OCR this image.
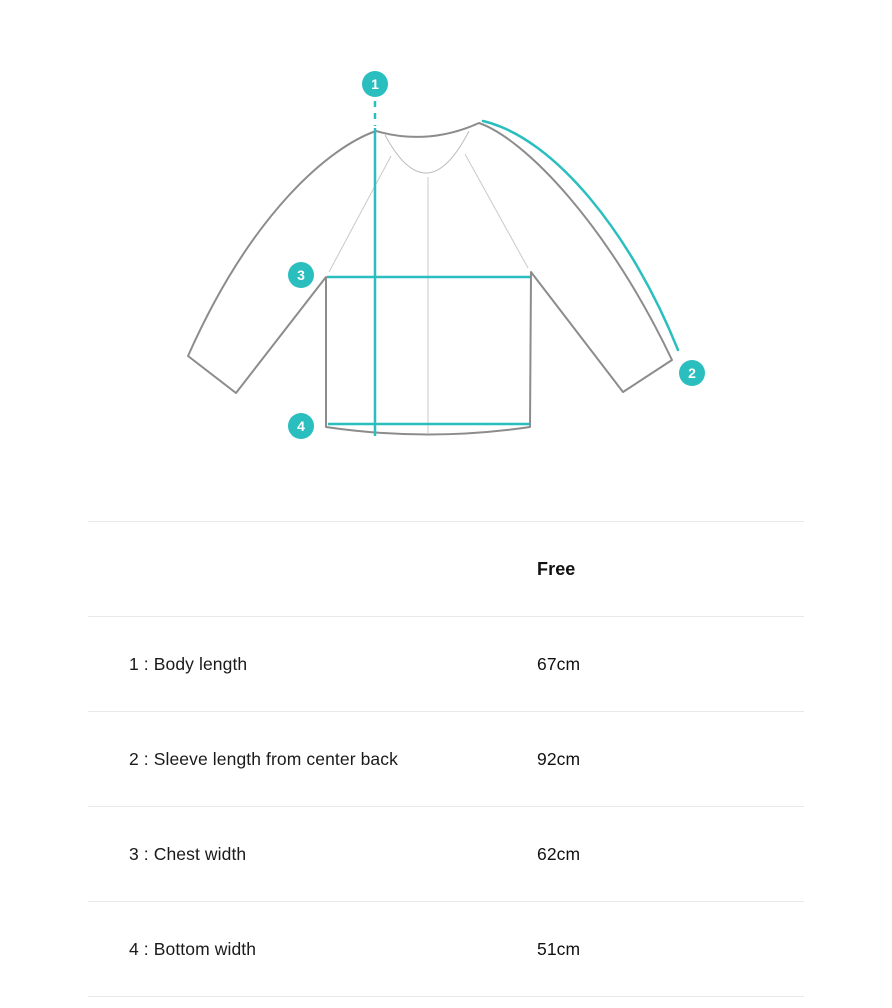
1
2
3
4
Free
1 : Body length	67cm
2 : Sleeve length from center back	92cm
3 : Chest width	62cm
4 : Bottom width	51cm
